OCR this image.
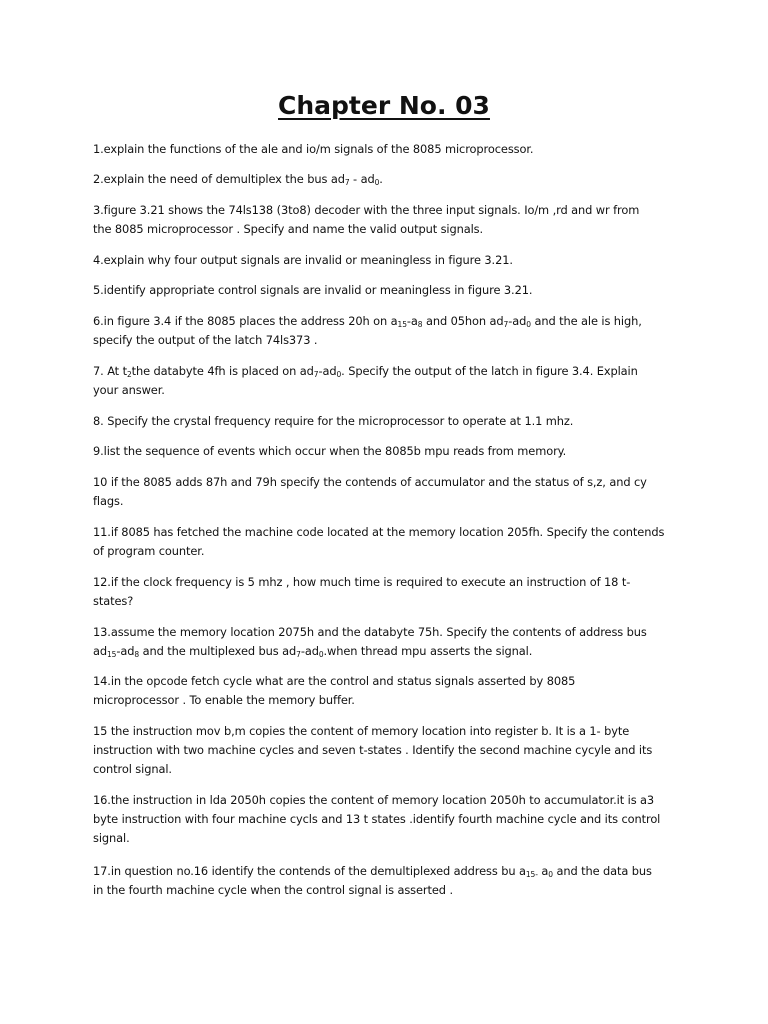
Chapter No. 03
1.explain the functions of the ale and io/m signals of the 8085 microprocessor.
2.explain the need of demultiplex the bus $ad_7 - ad_0$.
3.figure 3.21 shows the 74ls138 (3to8) decoder with the three input signals. Io/m ,rd and wr from
the 8085 microprocessor . Specify and name the valid output signals.
4.explain why four output signals are invalid or meaningless in figure 3.21.
5.identify appropriate control signals are invalid or meaningless in figure 3.21.
6.in figure 3.4 if the 8085 places the address 20h on $a_{15}-a_8$ and 05hon $ad_7-ad_0$ and the ale is high,
specify the output of the latch 74ls373 .
7. At $t_2the$ databyte 4fh is placed on $ad_7-ad_0$. Specify the output of the latch in figure 3.4. Explain
your answer.
8. Specify the crystal frequency require for the microprocessor to operate at 1.1 mhz.
9.list the sequence of events which occur when the 8085b mpu reads from memory.
10 if the 8085 adds 87h and 79h specify the contends of accumulator and the status of s,z, and cy
flags.
11.if 8085 has fetched the machine code located at the memory location 205fh. Specify the contends
of program counter.
12.if the clock frequency is 5 mhz , how much time is required to execute an instruction of 18 t-
states?
13.assume the memory location 2075h and the databyte 75h. Specify the contents of address bus
$ad_{15}-ad_8$ and the multiplexed bus $ad_7-ad_0.when$ thread mpu asserts the signal.
14.in the opcode fetch cycle what are the control and status signals asserted by 8085
microprocessor . To enable the memory buffer.
15 the instruction mov b,m copies the content of memory location into register b. It is a 1- byte
instruction with two machine cycles and seven t-states . Identify the second machine cycyle and its
control signal.
16.the instruction in lda 2050h copies the content of memory location 2050h to accumulator.it is a3
byte instruction with four machine cycls and 13 t states .identify fourth machine cycle and its control
signal.
17.in question no.16 identify the contends of the demultiplexed address bu $a_{15-}$ $a_0$ and the data bus
in the fourth machine cycle when the control signal is asserted .
